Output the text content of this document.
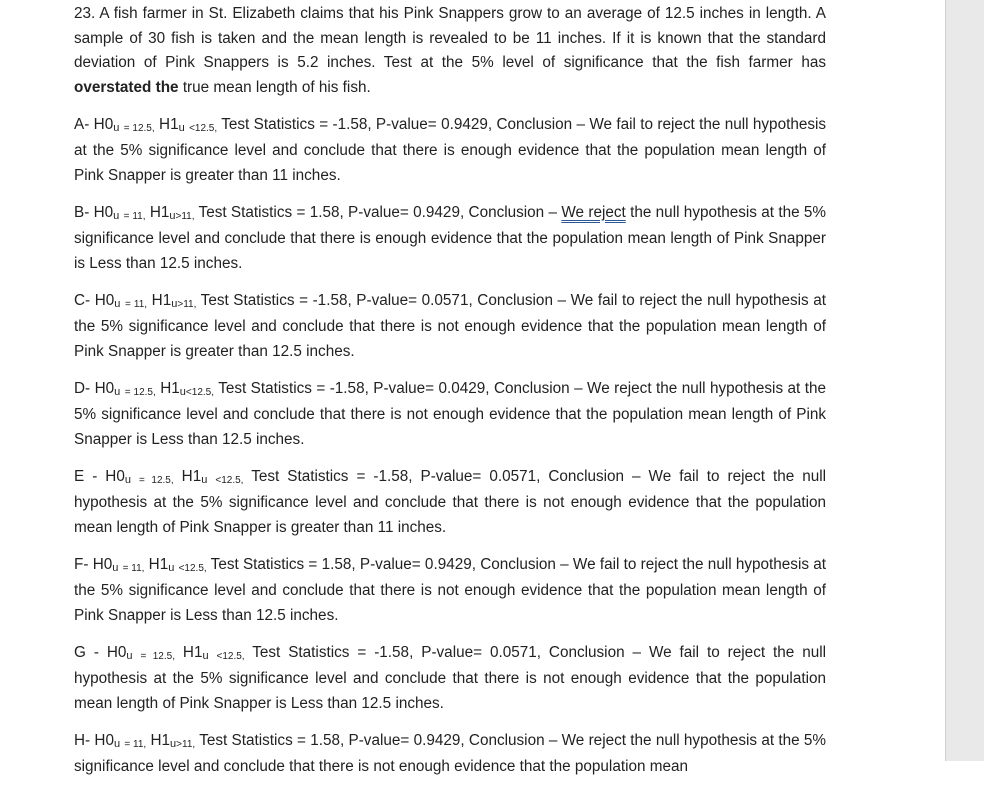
23. A fish farmer in St. Elizabeth claims that his Pink Snappers grow to an average of 12.5 inches in length. A sample of 30 fish is taken and the mean length is revealed to be 11 inches. If it is known that the standard deviation of Pink Snappers is 5.2 inches. Test at the 5% level of significance that the fish farmer has overstated the true mean length of his fish.

A- H0u = 12.5, H1u <12.5, Test Statistics = -1.58, P-value= 0.9429, Conclusion – We fail to reject the null hypothesis at the 5% significance level and conclude that there is enough evidence that the population mean length of Pink Snapper is greater than 11 inches.

B- H0u = 11, H1u>11, Test Statistics = 1.58, P-value= 0.9429, Conclusion – We reject the null hypothesis at the 5% significance level and conclude that there is enough evidence that the population mean length of Pink Snapper is Less than 12.5 inches.

C- H0u = 11, H1u>11, Test Statistics = -1.58, P-value= 0.0571, Conclusion – We fail to reject the null hypothesis at the 5% significance level and conclude that there is not enough evidence that the population mean length of Pink Snapper is greater than 12.5 inches.

D- H0u = 12.5, H1u<12.5, Test Statistics = -1.58, P-value= 0.0429, Conclusion – We reject the null hypothesis at the 5% significance level and conclude that there is not enough evidence that the population mean length of Pink Snapper is Less than 12.5 inches.

E - H0u = 12.5, H1u <12.5, Test Statistics = -1.58, P-value= 0.0571, Conclusion – We fail to reject the null hypothesis at the 5% significance level and conclude that there is not enough evidence that the population mean length of Pink Snapper is greater than 11 inches.

F- H0u = 11, H1u <12.5, Test Statistics = 1.58, P-value= 0.9429, Conclusion – We fail to reject the null hypothesis at the 5% significance level and conclude that there is not enough evidence that the population mean length of Pink Snapper is Less than 12.5 inches.

G - H0u = 12.5, H1u <12.5, Test Statistics = -1.58, P-value= 0.0571, Conclusion – We fail to reject the null hypothesis at the 5% significance level and conclude that there is not enough evidence that the population mean length of Pink Snapper is Less than 12.5 inches.

H- H0u = 11, H1u>11, Test Statistics = 1.58, P-value= 0.9429, Conclusion – We reject the null hypothesis at the 5% significance level and conclude that there is not enough evidence that the population mean
